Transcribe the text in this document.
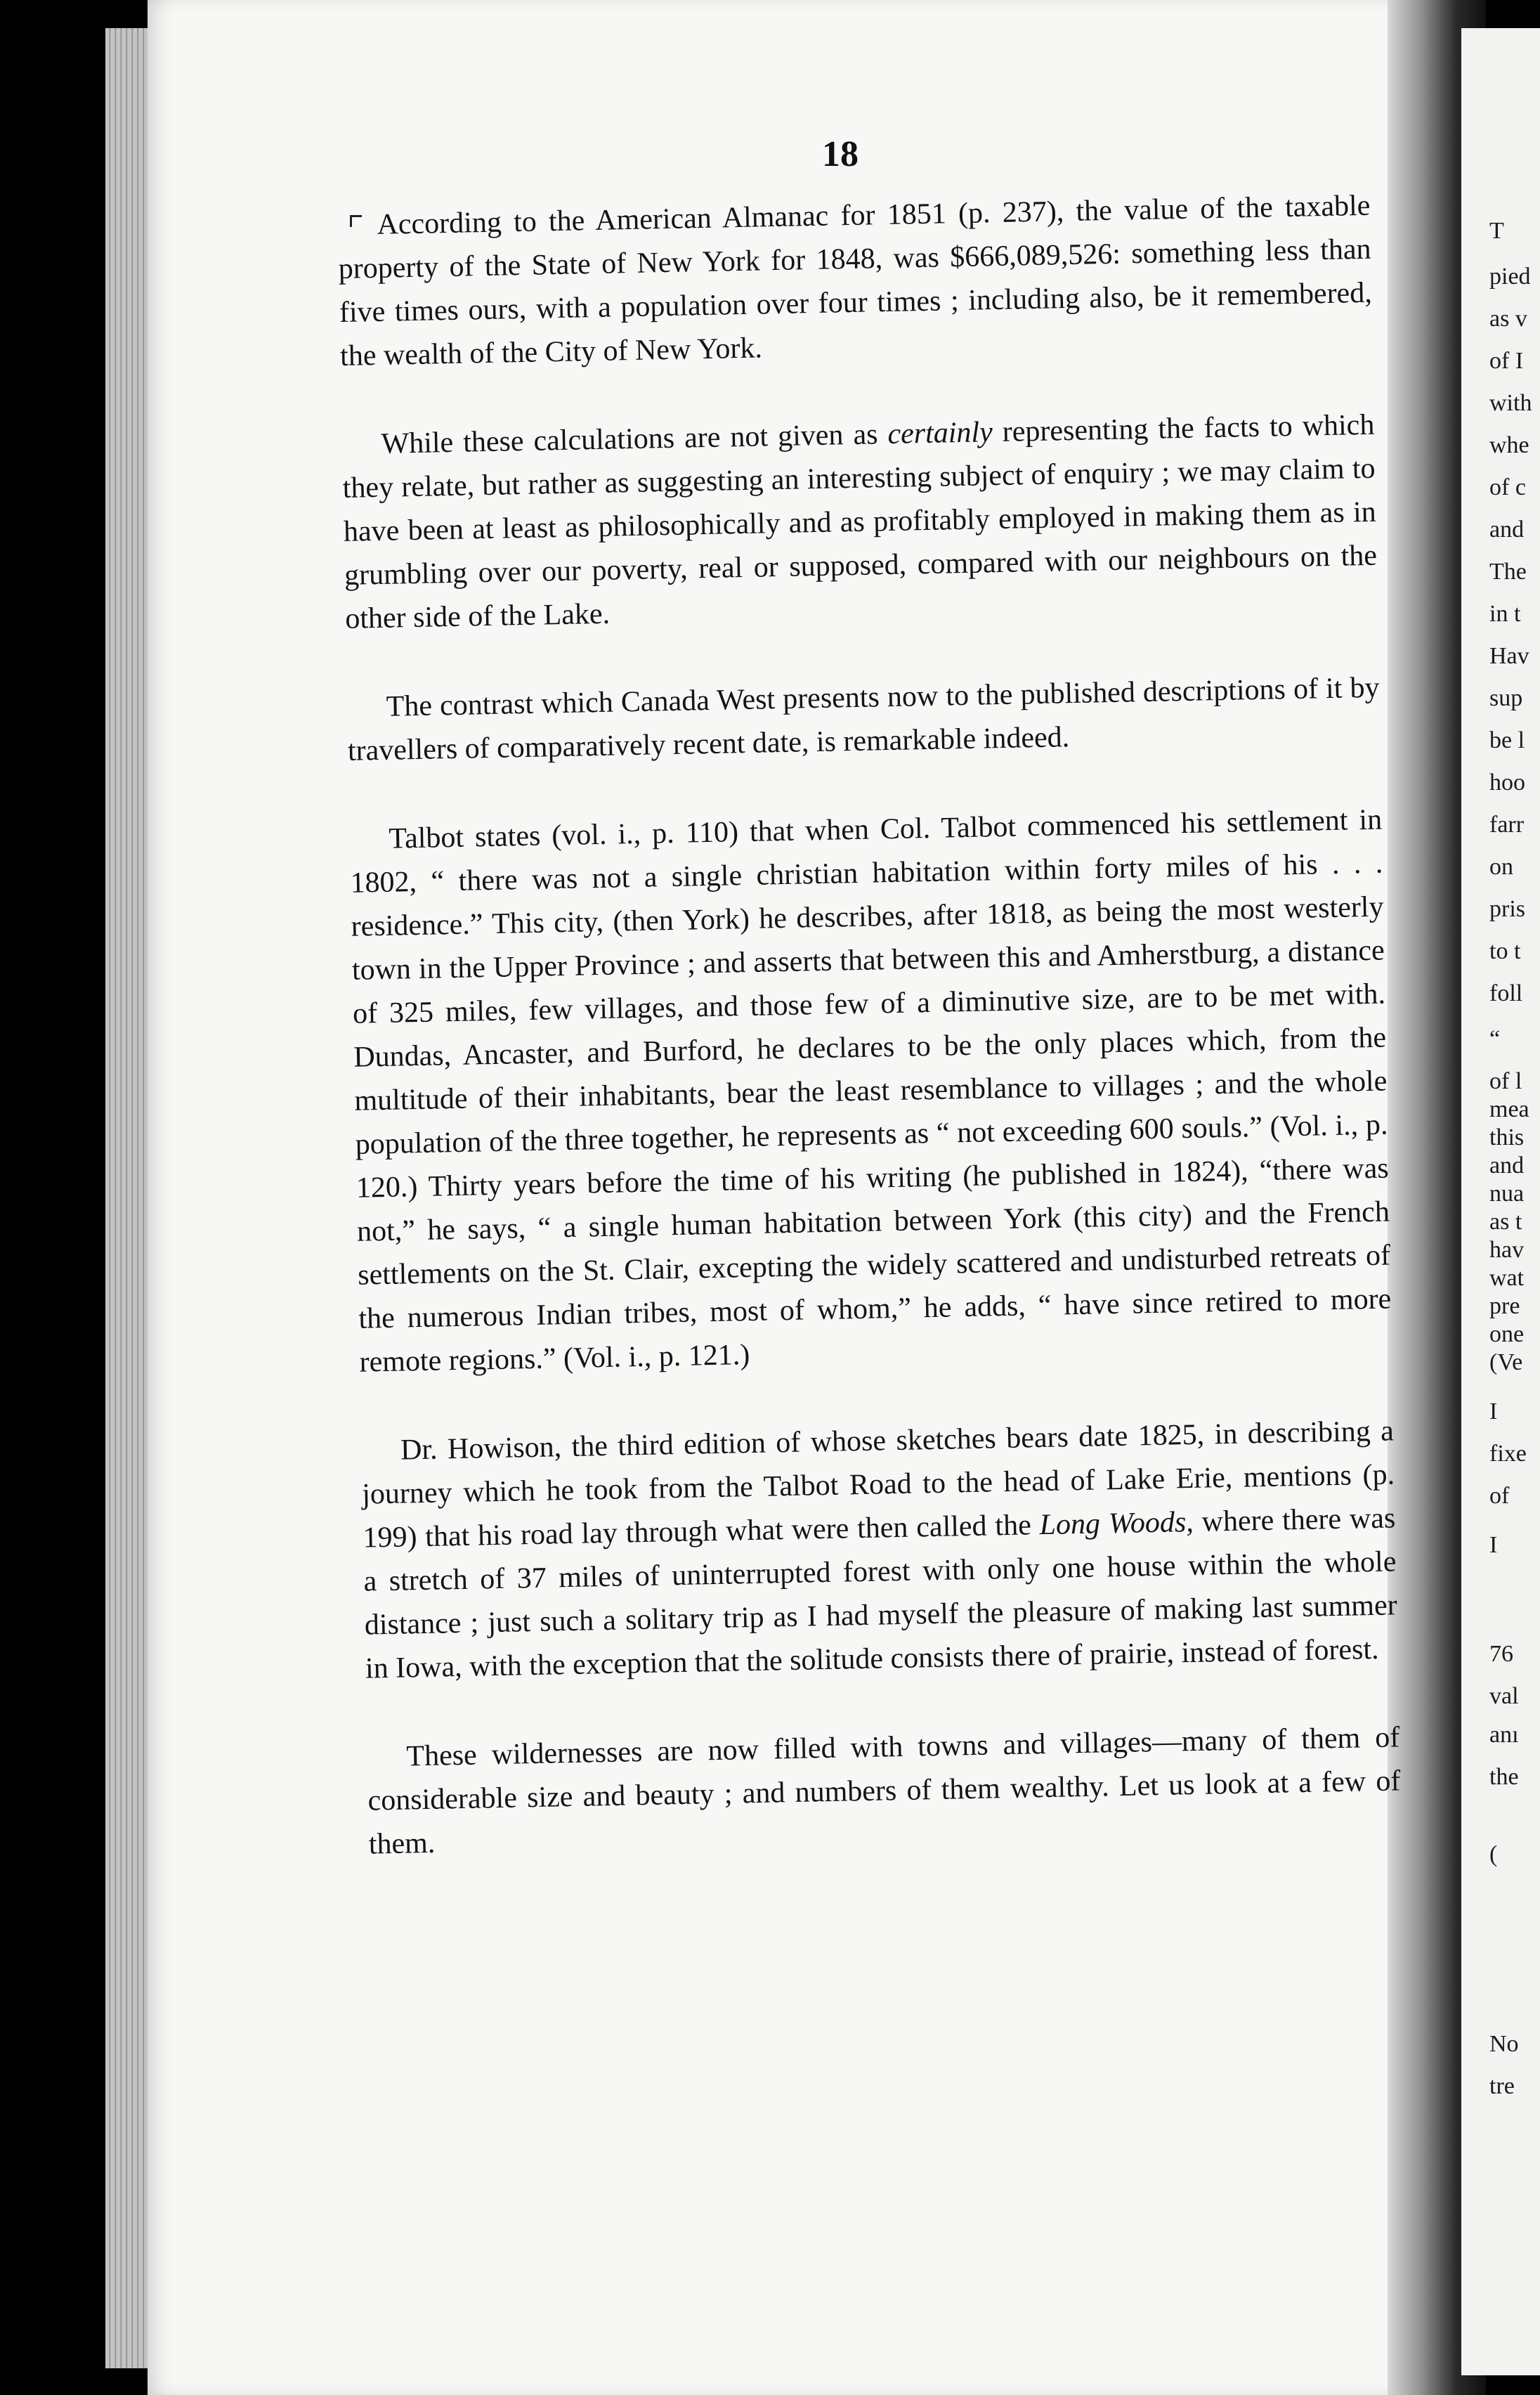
T
pied
as v
of I
with
whe
of c
and
The
in t
Hav
sup
be l
hoo
farr
on
pris
to t
foll
“
of l
mea
this
and
nua
as t
hav
wat
pre
one
(Ve
I
fixe
of
I
76
val
anı
the
(
No
tre
18

According to the American Almanac for 1851 (p. 237), the value of the taxable property of the State of New York for 1848, was $666,089,526: something less than five times ours, with a population over four times ; including also, be it remembered, the wealth of the City of New York.

While these calculations are not given as certainly representing the facts to which they relate, but rather as suggesting an interesting subject of enquiry ; we may claim to have been at least as philosophically and as profitably employed in making them as in grumbling over our poverty, real or supposed, compared with our neighbours on the other side of the Lake.

The contrast which Canada West presents now to the published descriptions of it by travellers of comparatively recent date, is remarkable indeed.

Talbot states (vol. i., p. 110) that when Col. Talbot commenced his settlement in 1802, “ there was not a single christian habitation within forty miles of his . . . residence.” This city, (then York) he describes, after 1818, as being the most westerly town in the Upper Province ; and asserts that between this and Amherstburg, a distance of 325 miles, few villages, and those few of a diminutive size, are to be met with. Dundas, Ancaster, and Burford, he declares to be the only places which, from the multitude of their inhabitants, bear the least resemblance to villages ; and the whole population of the three together, he represents as “ not exceeding 600 souls.” (Vol. i., p. 120.) Thirty years before the time of his writing (he published in 1824), “there was not,” he says, “ a single human habitation between York (this city) and the French settlements on the St. Clair, excepting the widely scattered and undisturbed retreats of the numerous Indian tribes, most of whom,” he adds, “ have since retired to more remote regions.” (Vol. i., p. 121.)

Dr. Howison, the third edition of whose sketches bears date 1825, in describing a journey which he took from the Talbot Road to the head of Lake Erie, mentions (p. 199) that his road lay through what were then called the Long Woods, where there was a stretch of 37 miles of uninterrupted forest with only one house within the whole distance ; just such a solitary trip as I had myself the pleasure of making last summer in Iowa, with the exception that the solitude consists there of prairie, instead of forest.

These wildernesses are now filled with towns and villages—many of them of considerable size and beauty ; and numbers of them wealthy. Let us look at a few of them.
